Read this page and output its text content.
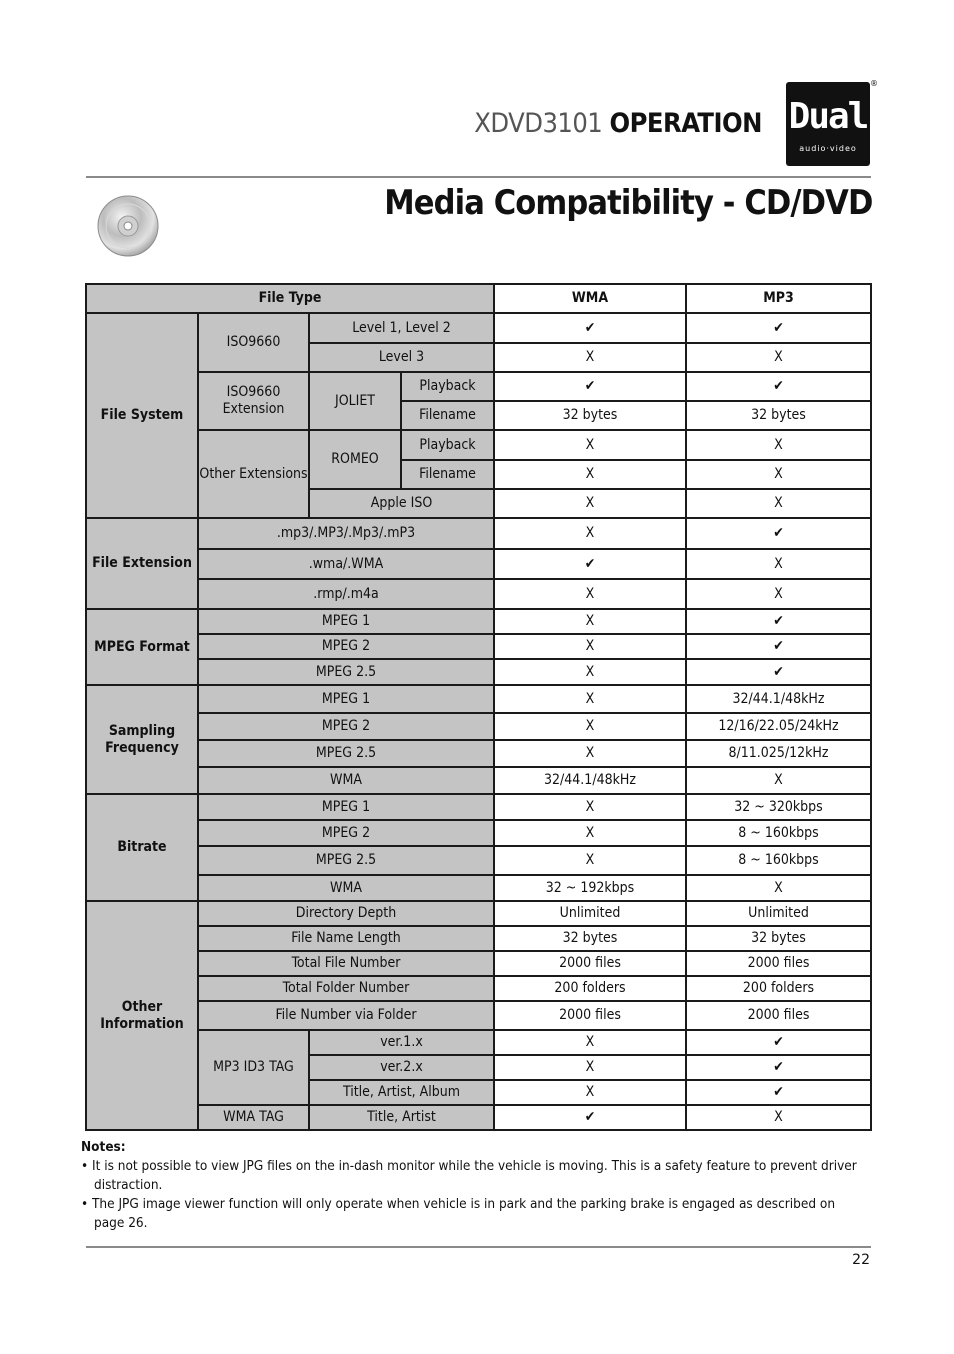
XDVD3101 OPERATION Dual
audio·video
®
Media Compatibility - CD/DVD
File Type				WMA	MP3
File System	ISO9660	Level 1, Level 2		✔	✔
		Level 3		X	X
	ISO9660 Extension	JOLIET	Playback	✔	✔
			Filename	32 bytes	32 bytes
	Other Extensions	ROMEO	Playback	X	X
			Filename	X	X
		Apple ISO		X	X
File Extension	.mp3/.MP3/.Mp3/.mP3			X	✔
	.wma/.WMA			✔	X
	.rmp/.m4a			X	X
MPEG Format	MPEG 1			X	✔
	MPEG 2			X	✔
	MPEG 2.5			X	✔
Sampling Frequency	MPEG 1			X	32/44.1/48kHz
	MPEG 2			X	12/16/22.05/24kHz
	MPEG 2.5			X	8/11.025/12kHz
	WMA			32/44.1/48kHz	X
Bitrate	MPEG 1			X	32 ~ 320kbps
	MPEG 2			X	8 ~ 160kbps
	MPEG 2.5			X	8 ~ 160kbps
	WMA			32 ~ 192kbps	X
Other Information	Directory Depth			Unlimited	Unlimited
	File Name Length			32 bytes	32 bytes
	Total File Number			2000 files	2000 files
	Total Folder Number			200 folders	200 folders
	File Number via Folder			2000 files	2000 files
	MP3 ID3 TAG	ver.1.x		X	✔
		ver.2.x		X	✔
		Title, Artist, Album		X	✔
	WMA TAG	Title, Artist		✔	X
Notes:
• It is not possible to view JPG files on the in-dash monitor while the vehicle is moving. This is a safety feature to prevent driver distraction.
• The JPG image viewer function will only operate when vehicle is in park and the parking brake is engaged as described on page 26.
22
